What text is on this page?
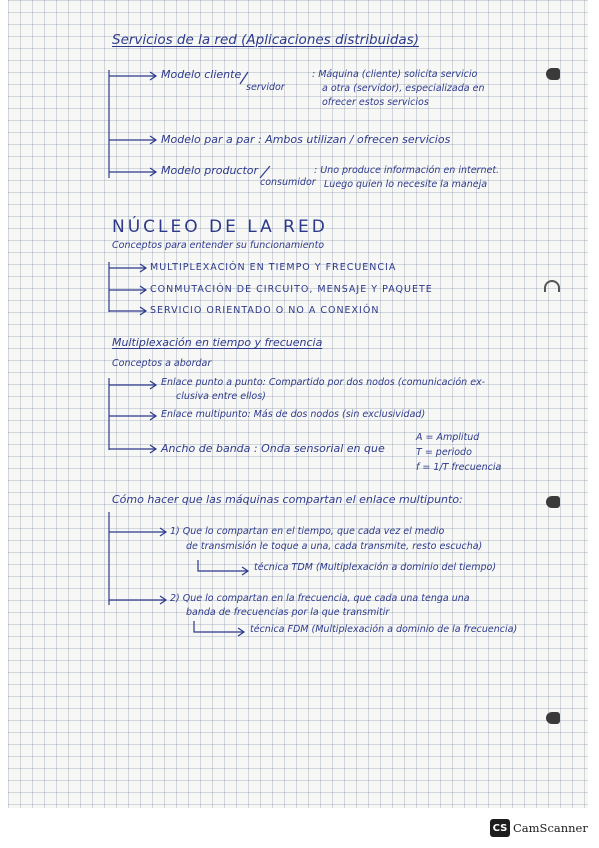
Servicios de la red (Aplicaciones distribuidas)
Modelo cliente
servidor
: Máquina (cliente) solicita servicio
a otra (servidor), especializada en
ofrecer estos servicios
Modelo par a par : Ambos utilizan / ofrecen servicios
Modelo productor
consumidor
: Uno produce información en internet.
Luego quien lo necesite la maneja
NÚCLEO DE LA RED
Conceptos para entender su funcionamiento
MULTIPLEXACIÓN EN TIEMPO Y FRECUENCIA
CONMUTACIÓN DE CIRCUITO, MENSAJE Y PAQUETE
SERVICIO ORIENTADO O NO A CONEXIÓN
Multiplexación en tiempo y frecuencia
Conceptos a abordar
Enlace punto a punto: Compartido por dos nodos (comunicación ex-
clusiva entre ellos)
Enlace multipunto: Más de dos nodos (sin exclusividad)
Ancho de banda : Onda sensorial en que
A = Amplitud
T = periodo
f = 1/T frecuencia
Cómo hacer que las máquinas compartan el enlace multipunto:
1) Que lo compartan en el tiempo, que cada vez el medio
de transmisión le toque a una, cada transmite, resto escucha)
técnica TDM (Multiplexación a dominio del tiempo)
2) Que lo compartan en la frecuencia, que cada una tenga una
banda de frecuencias por la que transmitir
técnica FDM (Multiplexación a dominio de la frecuencia)
CS CamScanner
